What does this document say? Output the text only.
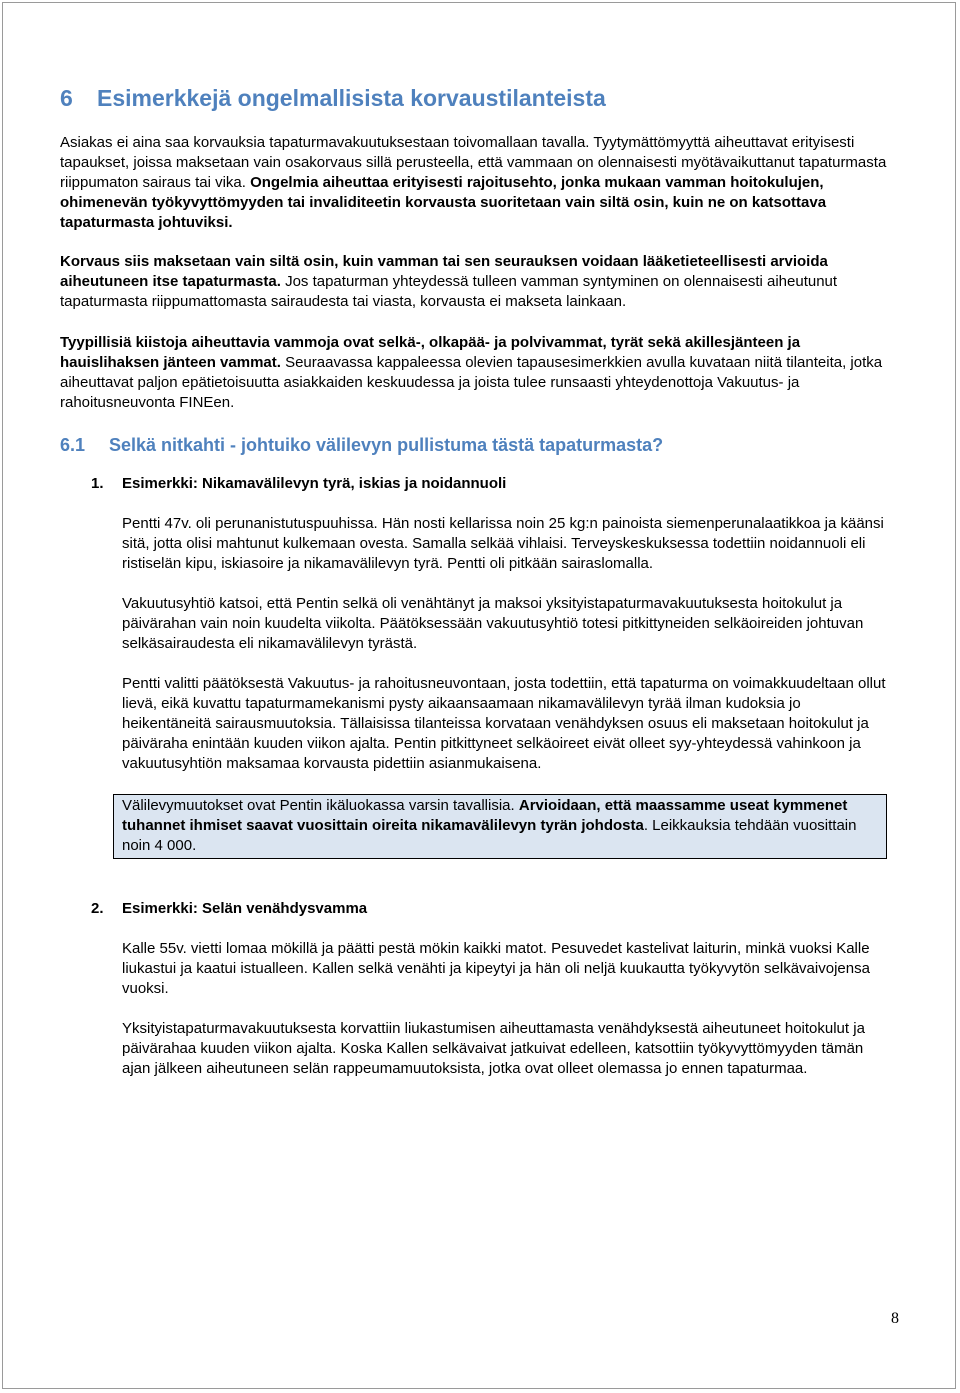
6 Esimerkkejä ongelmallisista korvaustilanteista

Asiakas ei aina saa korvauksia tapaturmavakuutuksestaan toivomallaan tavalla. Tyytymättömyyttä aiheuttavat erityisesti tapaukset, joissa maksetaan vain osakorvaus sillä perusteella, että vammaan on olennaisesti myötävaikuttanut tapaturmasta riippumaton sairaus tai vika. Ongelmia aiheuttaa erityisesti rajoitusehto, jonka mukaan vamman hoitokulujen, ohimenevän työkyvyttömyyden tai invaliditeetin korvausta suoritetaan vain siltä osin, kuin ne on katsottava tapaturmasta johtuviksi.

Korvaus siis maksetaan vain siltä osin, kuin vamman tai sen seurauksen voidaan lääketieteellisesti arvioida aiheutuneen itse tapaturmasta. Jos tapaturman yhteydessä tulleen vamman syntyminen on olennaisesti aiheutunut tapaturmasta riippumattomasta sairaudesta tai viasta, korvausta ei makseta lainkaan.

Tyypillisiä kiistoja aiheuttavia vammoja ovat selkä-, olkapää- ja polvivammat, tyrät sekä akillesjänteen ja hauislihaksen jänteen vammat. Seuraavassa kappaleessa olevien tapausesimerkkien avulla kuvataan niitä tilanteita, jotka aiheuttavat paljon epätietoisuutta asiakkaiden keskuudessa ja joista tulee runsaasti yhteydenottoja Vakuutus- ja rahoitusneuvonta FINEen.

6.1 Selkä nitkahti - johtuiko välilevyn pullistuma tästä tapaturmasta?
1. Esimerkki: Nikamavälilevyn tyrä, iskias ja noidannuoli

Pentti 47v. oli perunanistutuspuuhissa. Hän nosti kellarissa noin 25 kg:n painoista siemenperunalaatikkoa ja käänsi sitä, jotta olisi mahtunut kulkemaan ovesta. Samalla selkää vihlaisi. Terveyskeskuksessa todettiin noidannuoli eli ristiselän kipu, iskiasoire ja nikamavälilevyn tyrä. Pentti oli pitkään sairaslomalla.

Vakuutusyhtiö katsoi, että Pentin selkä oli venähtänyt ja maksoi yksityistapaturmavakuutuksesta hoitokulut ja päivärahan vain noin kuudelta viikolta. Päätöksessään vakuutusyhtiö totesi pitkittyneiden selkäoireiden johtuvan selkäsairaudesta eli nikamavälilevyn tyrästä.

Pentti valitti päätöksestä Vakuutus- ja rahoitusneuvontaan, josta todettiin, että tapaturma on voimakkuudeltaan ollut lievä, eikä kuvattu tapaturmamekanismi pysty aikaansaamaan nikamavälilevyn tyrää ilman kudoksia jo heikentäneitä sairausmuutoksia. Tällaisissa tilanteissa korvataan venähdyksen osuus eli maksetaan hoitokulut ja päiväraha enintään kuuden viikon ajalta. Pentin pitkittyneet selkäoireet eivät olleet syy-yhteydessä vahinkoon ja vakuutusyhtiön maksamaa korvausta pidettiin asianmukaisena.

Välilevymuutokset ovat Pentin ikäluokassa varsin tavallisia. Arvioidaan, että maassamme useat kymmenet tuhannet ihmiset saavat vuosittain oireita nikamavälilevyn tyrän johdosta. Leikkauksia tehdään vuosittain noin 4 000.

2. Esimerkki: Selän venähdysvamma

Kalle 55v. vietti lomaa mökillä ja päätti pestä mökin kaikki matot. Pesuvedet kastelivat laiturin, minkä vuoksi Kalle liukastui ja kaatui istualleen. Kallen selkä venähti ja kipeytyi ja hän oli neljä kuukautta työkyvytön selkävaivojensa vuoksi.

Yksityistapaturmavakuutuksesta korvattiin liukastumisen aiheuttamasta venähdyksestä aiheutuneet hoitokulut ja päivärahaa kuuden viikon ajalta. Koska Kallen selkävaivat jatkuivat edelleen, katsottiin työkyvyttömyyden tämän ajan jälkeen aiheutuneen selän rappeumamuutoksista, jotka ovat olleet olemassa jo ennen tapaturmaa.

8
